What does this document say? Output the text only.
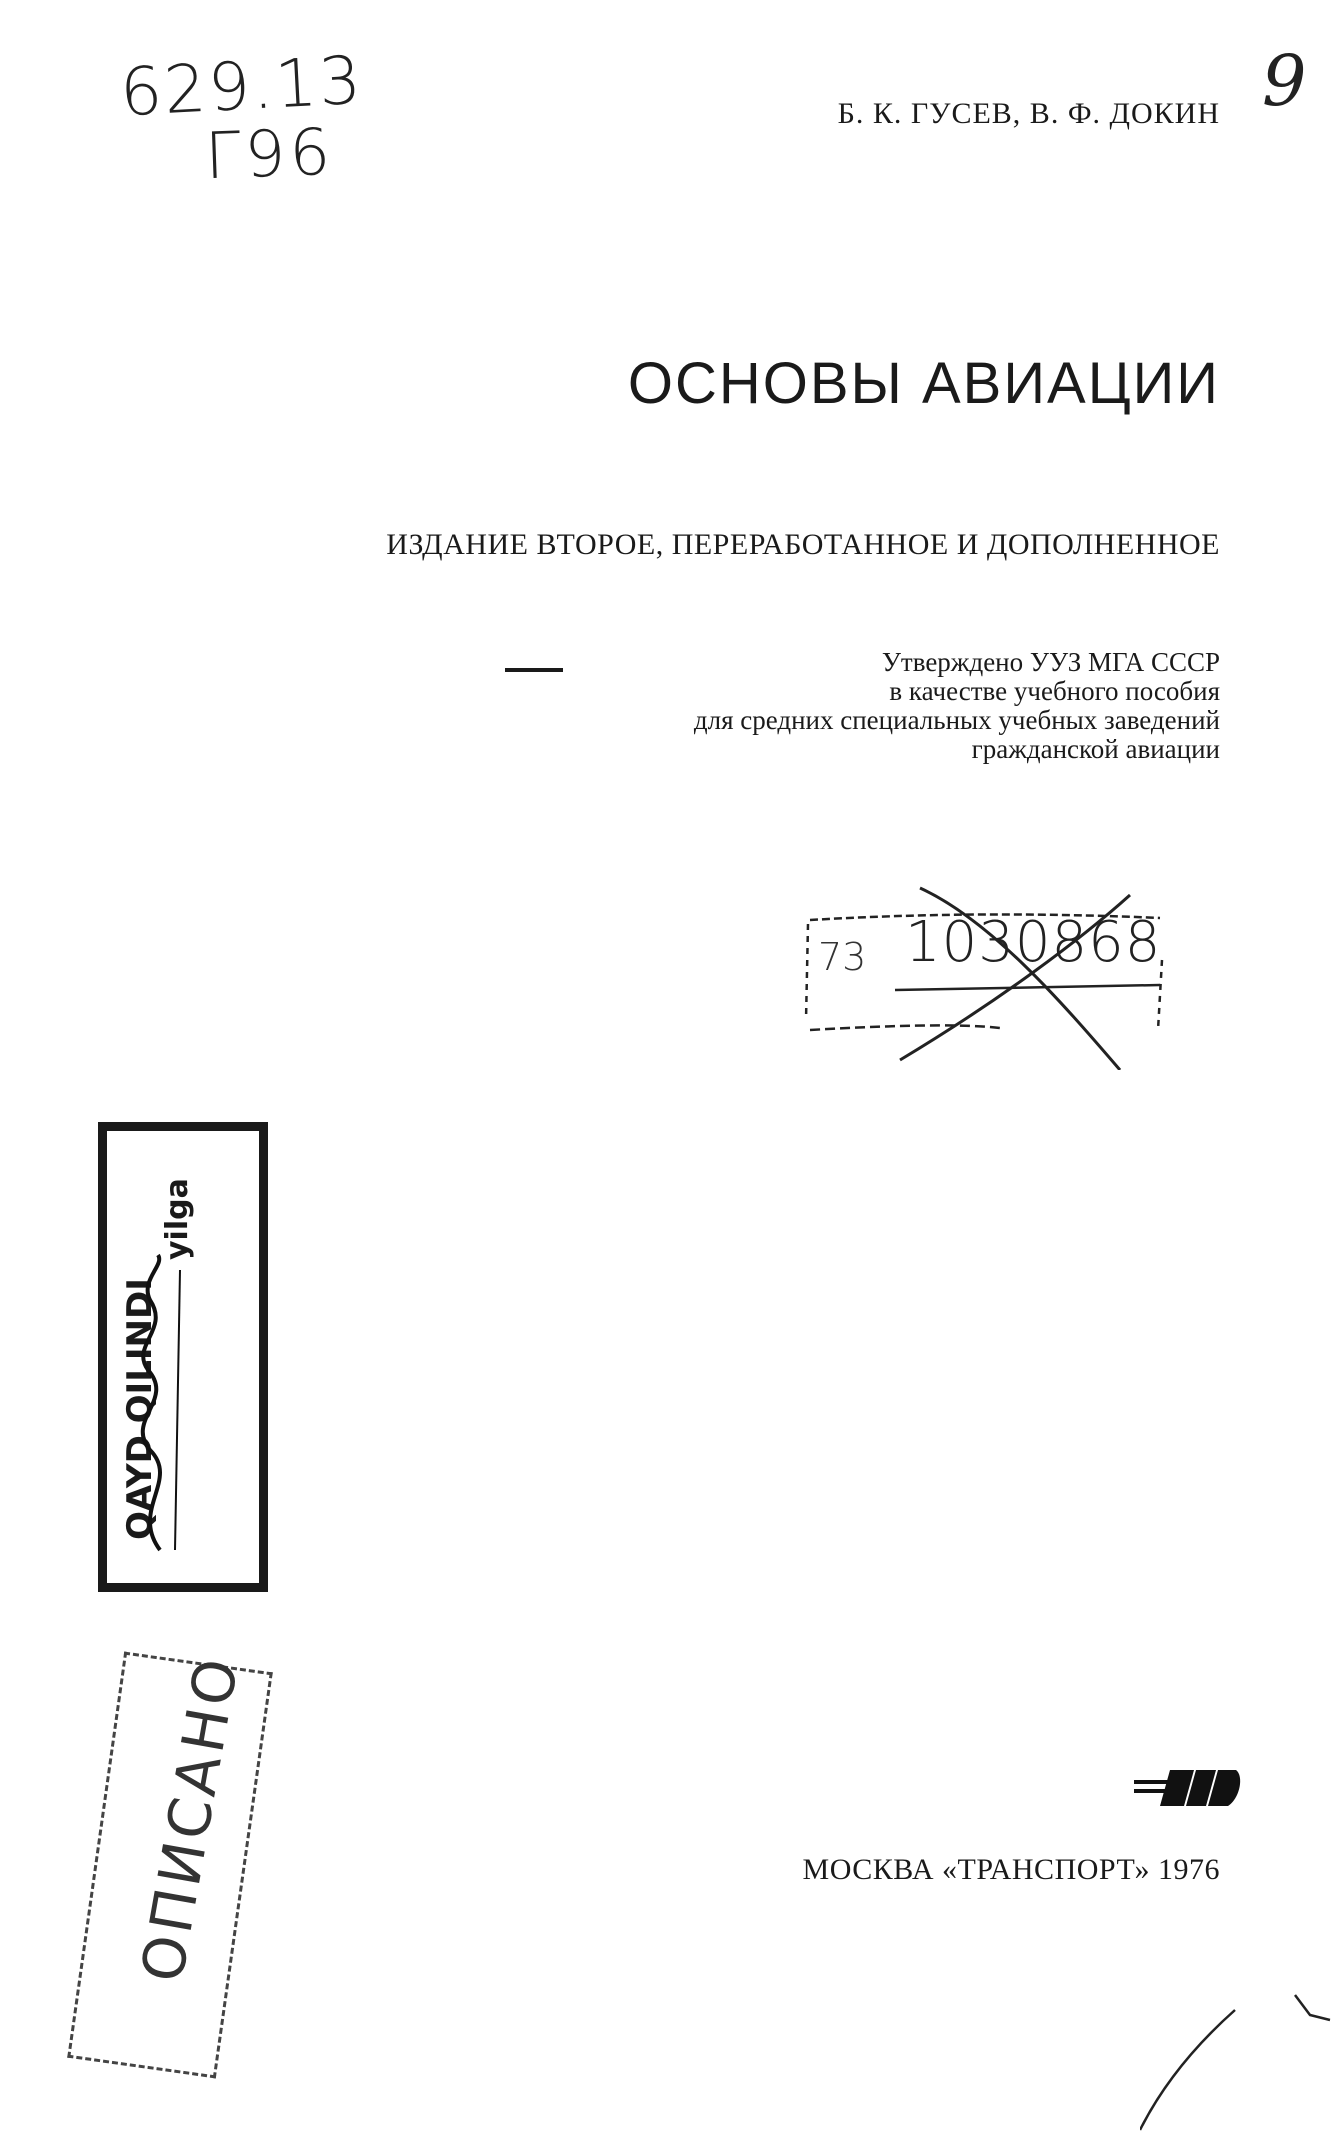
629.13
Г96
9
Б. К. ГУСЕВ, В. Ф. ДОКИН
ОСНОВЫ АВИАЦИИ
ИЗДАНИЕ ВТОРОЕ, ПЕРЕРАБОТАННОЕ И ДОПОЛНЕННОЕ
Утверждено УУЗ МГА СССР
в качестве учебного пособия
для средних специальных учебных заведений
гражданской авиации
73 1030868
QAYD QILINDI
yilga
ОПИСАНО	МОСКВА «ТРАНСПОРТ» 1976
